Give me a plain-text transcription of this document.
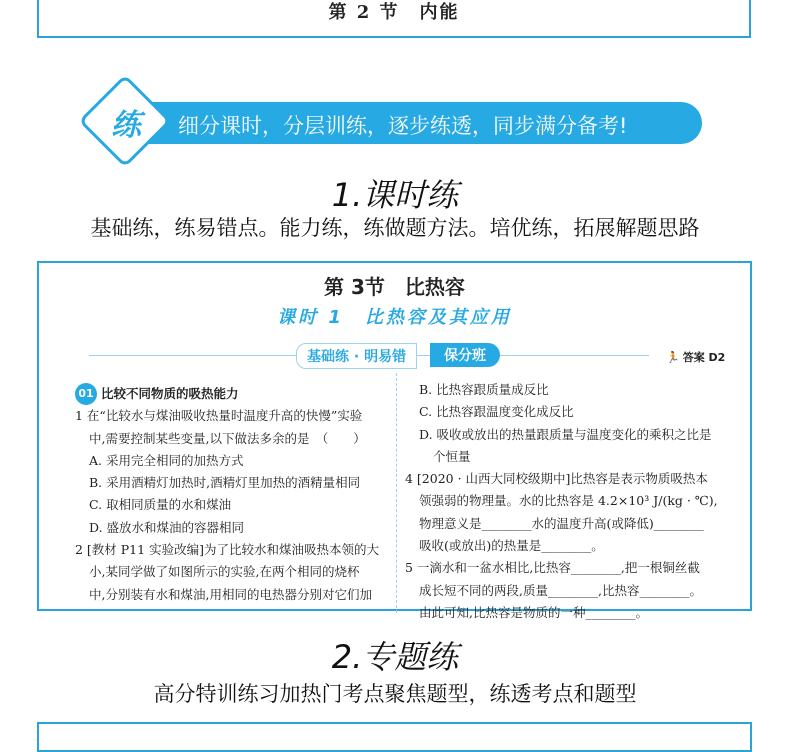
第 2 节　内能
细分课时，分层训练，逐步练透，同步满分备考!
练
1.课时练
基础练，练易错点。能力练，练做题方法。培优练，拓展解题思路
第 3节　比热容
课时 1　比热容及其应用
基础练 · 明易错	保分班	🏃 答案 D2
01 比较不同物质的吸热能力
1 在“比较水与煤油吸收热量时温度升高的快慢”实验
中,需要控制某些变量,以下做法多余的是　（　　）
A. 采用完全相同的加热方式
B. 采用酒精灯加热时,酒精灯里加热的酒精量相同
C. 取相同质量的水和煤油
D. 盛放水和煤油的容器相同
2 [教材 P11 实验改编]为了比较水和煤油吸热本领的大
小,某同学做了如图所示的实验,在两个相同的烧杯
中,分别装有水和煤油,用相同的电热器分别对它们加
B. 比热容跟质量成反比
C. 比热容跟温度变化成反比
D. 吸收或放出的热量跟质量与温度变化的乘积之比是
个恒量
4 [2020 · 山西大同校级期中]比热容是表示物质吸热本
领强弱的物理量。水的比热容是 4.2×10³ J/(kg · ℃),
物理意义是________水的温度升高(或降低)________
吸收(或放出)的热量是________。
5 一滴水和一盆水相比,比热容________,把一根铜丝截
成长短不同的两段,质量________,比热容________。
由此可知,比热容是物质的一种________。
2.专题练
高分特训练习加热门考点聚焦题型，练透考点和题型
